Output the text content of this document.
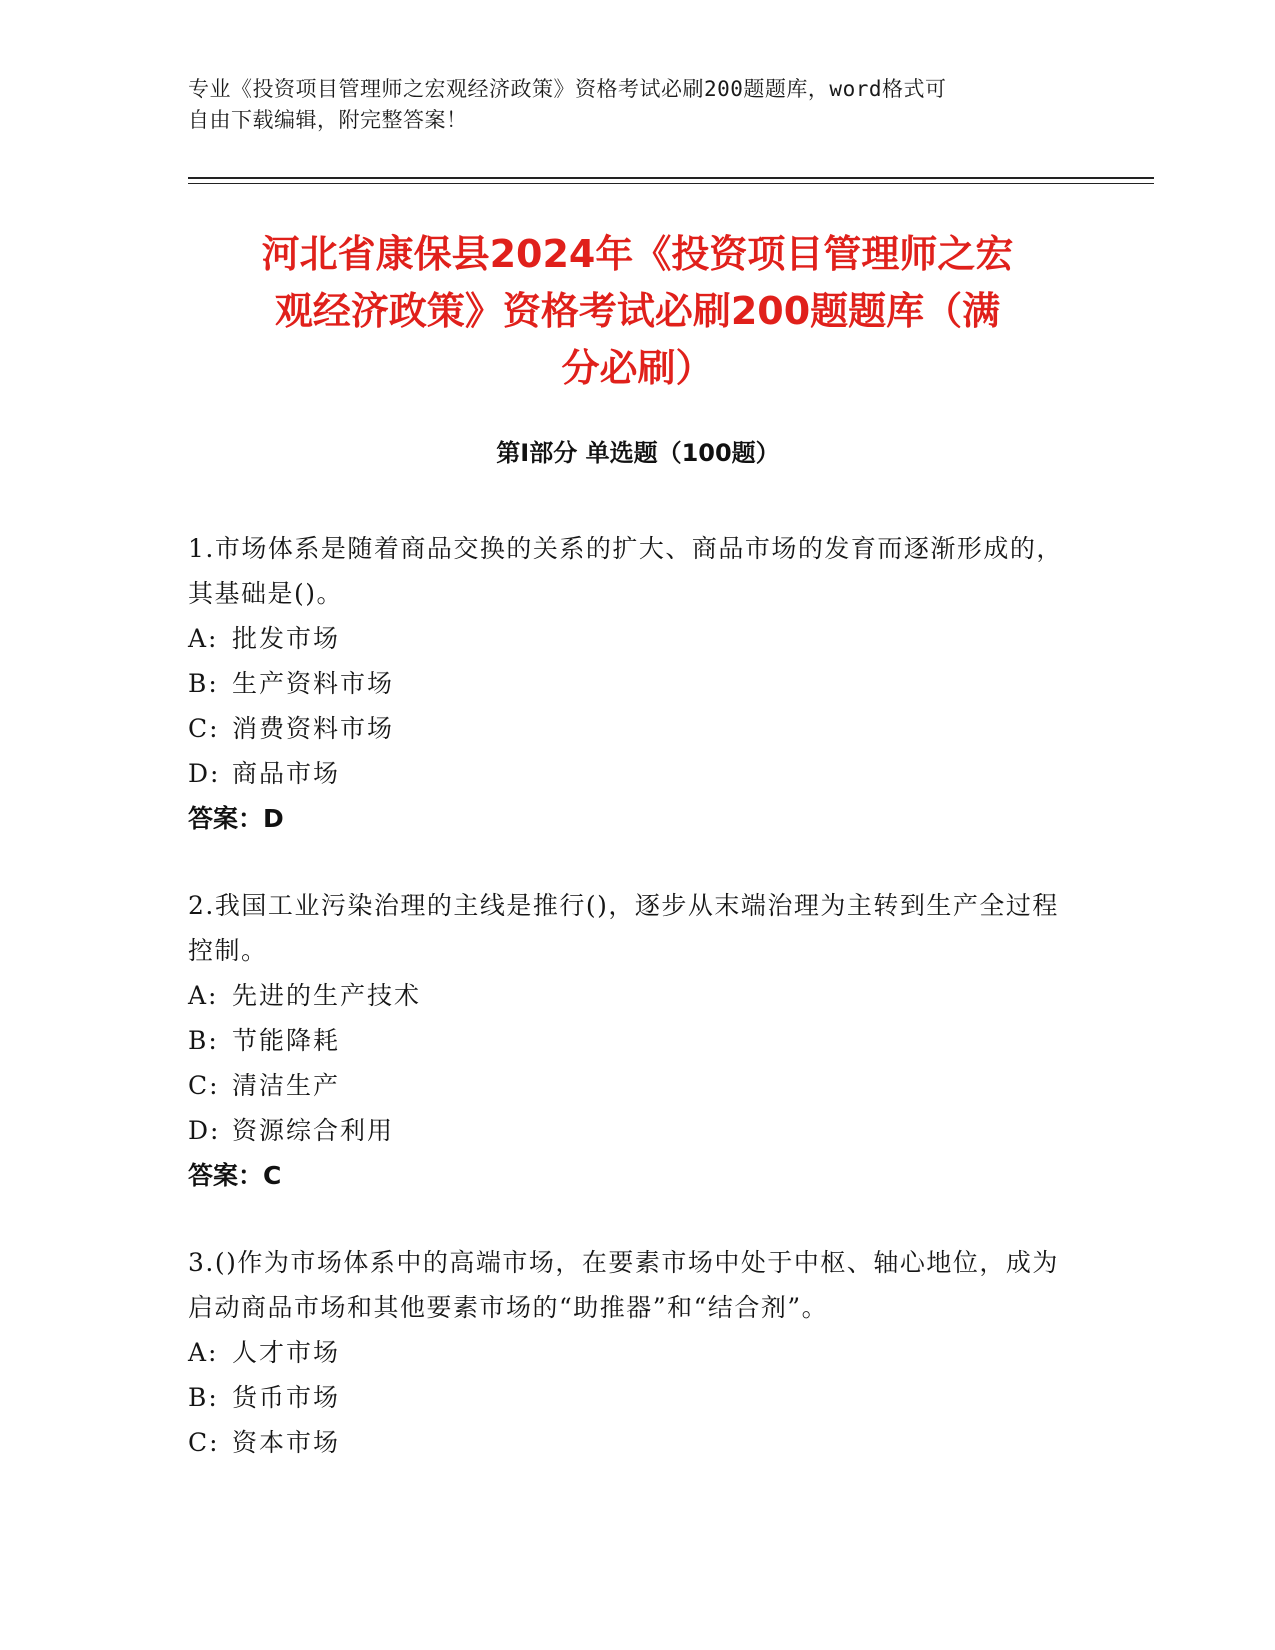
专业《投资项目管理师之宏观经济政策》资格考试必刷200题题库，word格式可
自由下载编辑，附完整答案！
河北省康保县2024年《投资项目管理师之宏
观经济政策》资格考试必刷200题题库（满
分必刷）
第Ⅰ部分 单选题（100题）
1.市场体系是随着商品交换的关系的扩大、商品市场的发育而逐渐形成的，其基础是()。
A: 批发市场
B: 生产资料市场
C: 消费资料市场
D: 商品市场
答案：D
2.我国工业污染治理的主线是推行()，逐步从末端治理为主转到生产全过程控制。
A: 先进的生产技术
B: 节能降耗
C: 清洁生产
D: 资源综合利用
答案：C
3.()作为市场体系中的高端市场，在要素市场中处于中枢、轴心地位，成为启动商品市场和其他要素市场的“助推器”和“结合剂”。
A: 人才市场
B: 货币市场
C: 资本市场
